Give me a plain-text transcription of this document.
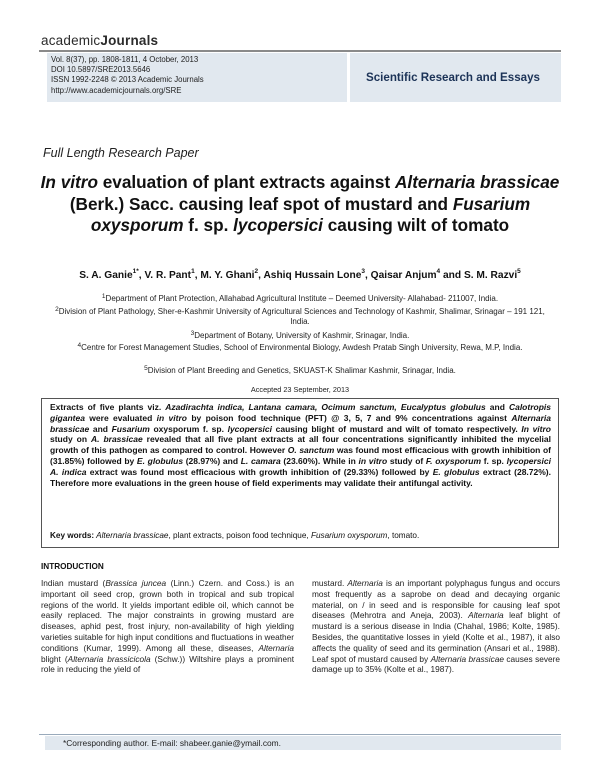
academicJournals
Vol. 8(37), pp. 1808-1811, 4 October, 2013
DOI 10.5897/SRE2013.5646
ISSN 1992-2248 © 2013 Academic Journals
http://www.academicjournals.org/SRE
Scientific Research and Essays
Full Length Research Paper
In vitro evaluation of plant extracts against Alternaria brassicae (Berk.) Sacc. causing leaf spot of mustard and Fusarium oxysporum f. sp. lycopersici causing wilt of tomato
S. A. Ganie$^{1*}$, V. R. Pant$^1$, M. Y. Ghani$^2$, Ashiq Hussain Lone$^3$, Qaisar Anjum$^4$ and S. M. Razvi$^5$
$^1$Department of Plant Protection, Allahabad Agricultural Institute – Deemed University- Allahabad- 211007, India.
$^2$Division of Plant Pathology, Sher-e-Kashmir University of Agricultural Sciences and Technology of Kashmir, Shalimar, Srinagar – 191 121, India.
$^3$Department of Botany, University of Kashmir, Srinagar, India.
$^4$Centre for Forest Management Studies, School of Environmental Biology, Awdesh Pratab Singh University, Rewa, M.P, India.
$^5$Division of Plant Breeding and Genetics, SKUAST-K Shalimar Kashmir, Srinagar, India.
Accepted 23 September, 2013
Extracts of five plants viz. Azadirachta indica, Lantana camara, Ocimum sanctum, Eucalyptus globulus and Calotropis gigantea were evaluated in vitro by poison food technique (PFT) @ 3, 5, 7 and 9% concentrations against Alternaria brassicae and Fusarium oxysporum f. sp. lycopersici causing blight of mustard and wilt of tomato respectively. In vitro study on A. brassicae revealed that all five plant extracts at all four concentrations significantly inhibited the mycelial growth of this pathogen as compared to control. However O. sanctum was found most efficacious with growth inhibition of (31.85%) followed by E. globulus (28.97%) and L. camara (23.60%). While in in vitro study of F. oxysporum f. sp. lycopersici A. indica extract was found most efficacious with growth inhibition of (29.33%) followed by E. globulus extract (28.72%). Therefore more evaluations in the green house of field experiments may validate their antifungal activity.
Key words: Alternaria brassicae, plant extracts, poison food technique, Fusarium oxysporum, tomato.
INTRODUCTION
Indian mustard (Brassica juncea (Linn.) Czern. and Coss.) is an important oil seed crop, grown both in tropical and sub tropical regions of the world. It yields important edible oil, which cannot be easily replaced. The major constraints in growing mustard are diseases, aphid pest, frost injury, non-availability of high yielding varieties suitable for high input conditions and fluctuations in weather conditions (Kumar, 1999). Among all these, diseases, Alternaria blight (Alternaria brassicicola (Schw.)) Wiltshire plays a prominent role in reducing the yield of
mustard. Alternaria is an important polyphagus fungus and occurs most frequently as a saprobe on dead and decaying organic material, on / in seed and is responsible for causing leaf spot diseases (Mehrotra and Aneja, 2003). Alternaria leaf blight of mustard is a serious disease in India (Chahal, 1986; Kolte, 1985). Besides, the quantitative losses in yield (Kolte et al., 1987), it also affects the quality of seed and its germination (Ansari et al., 1988). Leaf spot of mustard caused by Alternaria brassicae causes severe damage up to 35% (Kolte et al., 1987).
*Corresponding author. E-mail: shabeer.ganie@ymail.com.
